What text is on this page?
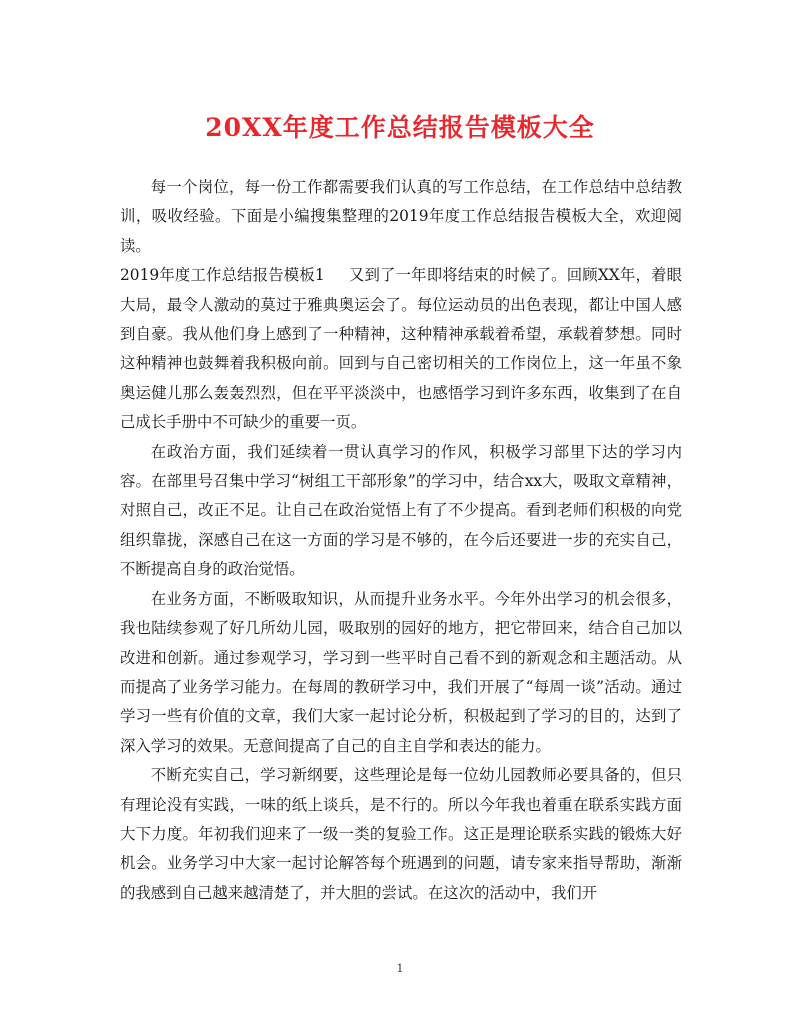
20XX年度工作总结报告模板大全

每一个岗位，每一份工作都需要我们认真的写工作总结，在工作总结中总结教训，吸收经验。下面是小编搜集整理的2019年度工作总结报告模板大全，欢迎阅读。

2019年度工作总结报告模板1 又到了一年即将结束的时候了。回顾XX年，着眼大局，最令人激动的莫过于雅典奥运会了。每位运动员的出色表现，都让中国人感到自豪。我从他们身上感到了一种精神，这种精神承载着希望，承载着梦想。同时这种精神也鼓舞着我积极向前。回到与自己密切相关的工作岗位上，这一年虽不象奥运健儿那么轰轰烈烈，但在平平淡淡中，也感悟学习到许多东西，收集到了在自己成长手册中不可缺少的重要一页。

在政治方面，我们延续着一贯认真学习的作风，积极学习部里下达的学习内容。在部里号召集中学习“树组工干部形象”的学习中，结合xx大，吸取文章精神，对照自己，改正不足。让自己在政治觉悟上有了不少提高。看到老师们积极的向党组织靠拢，深感自己在这一方面的学习是不够的，在今后还要进一步的充实自己，不断提高自身的政治觉悟。

在业务方面，不断吸取知识，从而提升业务水平。今年外出学习的机会很多，我也陆续参观了好几所幼儿园，吸取别的园好的地方，把它带回来，结合自己加以改进和创新。通过参观学习，学习到一些平时自己看不到的新观念和主题活动。从而提高了业务学习能力。在每周的教研学习中，我们开展了“每周一谈”活动。通过学习一些有价值的文章，我们大家一起讨论分析，积极起到了学习的目的，达到了深入学习的效果。无意间提高了自己的自主自学和表达的能力。

不断充实自己，学习新纲要，这些理论是每一位幼儿园教师必要具备的，但只有理论没有实践，一味的纸上谈兵，是不行的。所以今年我也着重在联系实践方面大下力度。年初我们迎来了一级一类的复验工作。这正是理论联系实践的锻炼大好机会。业务学习中大家一起讨论解答每个班遇到的问题，请专家来指导帮助，渐渐的我感到自己越来越清楚了，并大胆的尝试。在这次的活动中，我们开

1
